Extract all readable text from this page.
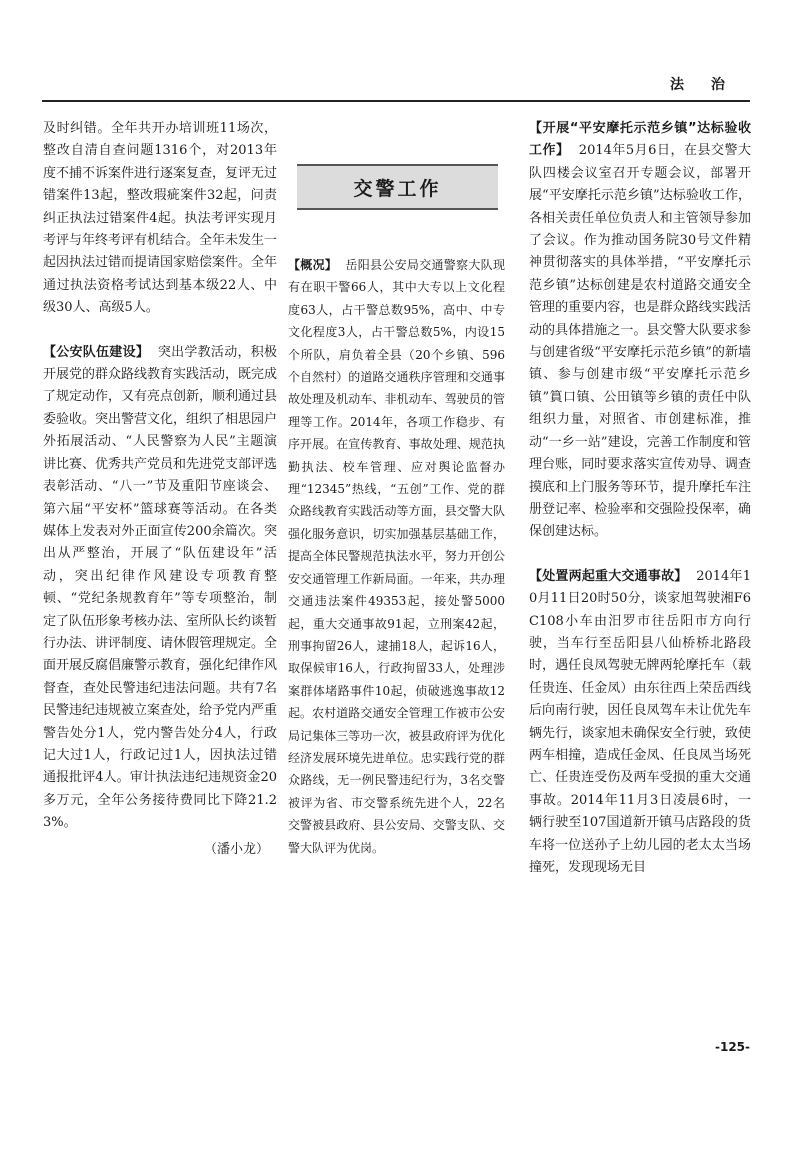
法 治

及时纠错。全年共开办培训班11场次，整改自清自查问题1316个，对2013年度不捕不诉案件进行逐案复查，复评无过错案件13起，整改瑕疵案件32起，问责纠正执法过错案件4起。执法考评实现月考评与年终考评有机结合。全年未发生一起因执法过错而提请国家赔偿案件。全年通过执法资格考试达到基本级22人、中级30人、高级5人。

【公安队伍建设】 突出学教活动，积极开展党的群众路线教育实践活动，既完成了规定动作，又有亮点创新，顺利通过县委验收。突出警营文化，组织了相思园户外拓展活动、“人民警察为人民”主题演讲比赛、优秀共产党员和先进党支部评选表彰活动、“八一”节及重阳节座谈会、第六届“平安杯”篮球赛等活动。在各类媒体上发表对外正面宣传200余篇次。突出从严整治，开展了“队伍建设年”活动，突出纪律作风建设专项教育整顿、“党纪条规教育年”等专项整治，制定了队伍形象考核办法、室所队长约谈暂行办法、讲评制度、请休假管理规定。全面开展反腐倡廉警示教育，强化纪律作风督查，查处民警违纪违法问题。共有7名民警违纪违规被立案查处，给予党内严重警告处分1人，党内警告处分4人，行政记大过1人，行政记过1人，因执法过错通报批评4人。审计执法违纪违规资金20多万元，全年公务接待费同比下降21.23%。

（潘小龙）
交警工作

【概况】 岳阳县公安局交通警察大队现有在职干警66人，其中大专以上文化程度63人，占干警总数95%，高中、中专文化程度3人，占干警总数5%，内设15个所队，肩负着全县（20个乡镇、596个自然村）的道路交通秩序管理和交通事故处理及机动车、非机动车、驾驶员的管理等工作。2014年，各项工作稳步、有序开展。在宣传教育、事故处理、规范执勤执法、校车管理、应对舆论监督办理“12345”热线，“五创”工作、党的群众路线教育实践活动等方面，县交警大队强化服务意识，切实加强基层基础工作，提高全体民警规范执法水平，努力开创公安交通管理工作新局面。一年来，共办理交通违法案件49353起，接处警5000起，重大交通事故91起，立刑案42起，刑事拘留26人，逮捕18人，起诉16人，取保候审16人，行政拘留33人，处理涉案群体堵路事件10起，侦破逃逸事故12起。农村道路交通安全管理工作被市公安局记集体三等功一次，被县政府评为优化经济发展环境先进单位。忠实践行党的群众路线，无一例民警违纪行为，3名交警被评为省、市交警系统先进个人，22名交警被县政府、县公安局、交警支队、交警大队评为优岗。

【开展“平安摩托示范乡镇”达标验收工作】 2014年5月6日，在县交警大队四楼会议室召开专题会议，部署开展“平安摩托示范乡镇”达标验收工作，各相关责任单位负责人和主管领导参加了会议。作为推动国务院30号文件精神贯彻落实的具体举措，“平安摩托示范乡镇”达标创建是农村道路交通安全管理的重要内容，也是群众路线实践活动的具体措施之一。县交警大队要求参与创建省级“平安摩托示范乡镇”的新墙镇、参与创建市级“平安摩托示范乡镇”篔口镇、公田镇等乡镇的责任中队组织力量，对照省、市创建标准，推动“一乡一站”建设，完善工作制度和管理台账，同时要求落实宣传劝导、调查摸底和上门服务等环节，提升摩托车注册登记率、检验率和交强险投保率，确保创建达标。

【处置两起重大交通事故】 2014年10月11日20时50分，谈家旭驾驶湘F6C108小车由汨罗市往岳阳市方向行驶，当车行至岳阳县八仙桥桥北路段时，遇任良凤驾驶无牌两轮摩托车（载任贵连、任金凤）由东往西上荣岳西线后向南行驶，因任良凤驾车未让优先车辆先行，谈家旭未确保安全行驶，致使两车相撞，造成任金凤、任良凤当场死亡、任贵连受伤及两车受损的重大交通事故。2014年11月3日凌晨6时，一辆行驶至107国道新开镇马店路段的货车将一位送孙子上幼儿园的老太太当场撞死，发现现场无目

-125-
